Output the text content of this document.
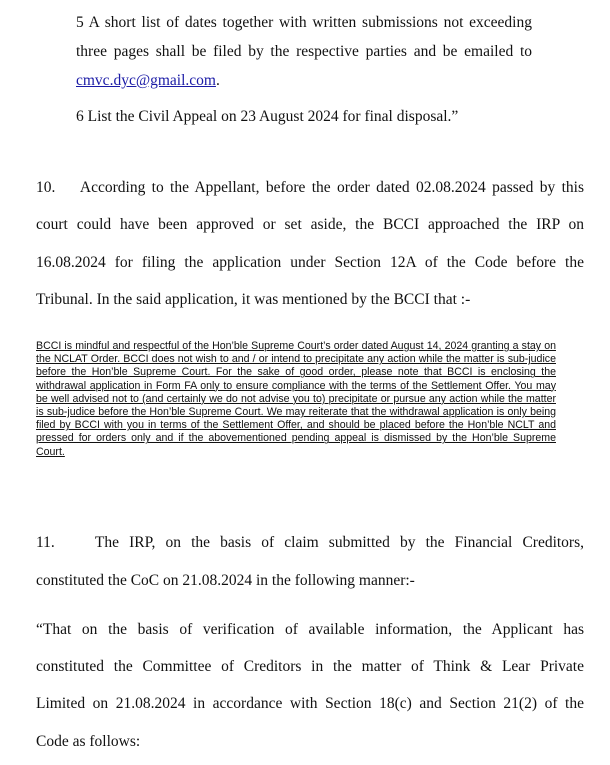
5 A short list of dates together with written submissions not exceeding
three pages shall be filed by the respective parties and be emailed to
cmvc.dyc@gmail.com.
6 List the Civil Appeal on 23 August 2024 for final disposal.”
10.    According to the Appellant, before the order dated 02.08.2024 passed by this
court could have been approved or set aside, the BCCI approached the IRP on
16.08.2024 for filing the application under Section 12A of the Code before the
Tribunal. In the said application, it was mentioned by the BCCI that :-
BCCI is mindful and respectful of the Hon’ble Supreme Court’s order dated August 14, 2024 granting a stay on the NCLAT Order. BCCI does not wish to and / or intend to precipitate any action while the matter is sub-judice before the Hon’ble Supreme Court. For the sake of good order, please note that BCCI is enclosing the withdrawal application in Form FA only to ensure compliance with the terms of the Settlement Offer. You may be well advised not to (and certainly we do not advise you to) precipitate or pursue any action while the matter is sub-judice before the Hon’ble Supreme Court. We may reiterate that the withdrawal application is only being filed by BCCI with you in terms of the Settlement Offer, and should be placed before the Hon’ble NCLT and pressed for orders only and if the abovementioned pending appeal is dismissed by the Hon’ble Supreme Court.
11.    The IRP, on the basis of claim submitted by the Financial Creditors,
constituted the CoC on 21.08.2024 in the following manner:-
“That on the basis of verification of available information, the Applicant has
constituted the Committee of Creditors in the matter of Think & Lear Private
Limited on 21.08.2024 in accordance with Section 18(c) and Section 21(2) of the
Code as follows:
